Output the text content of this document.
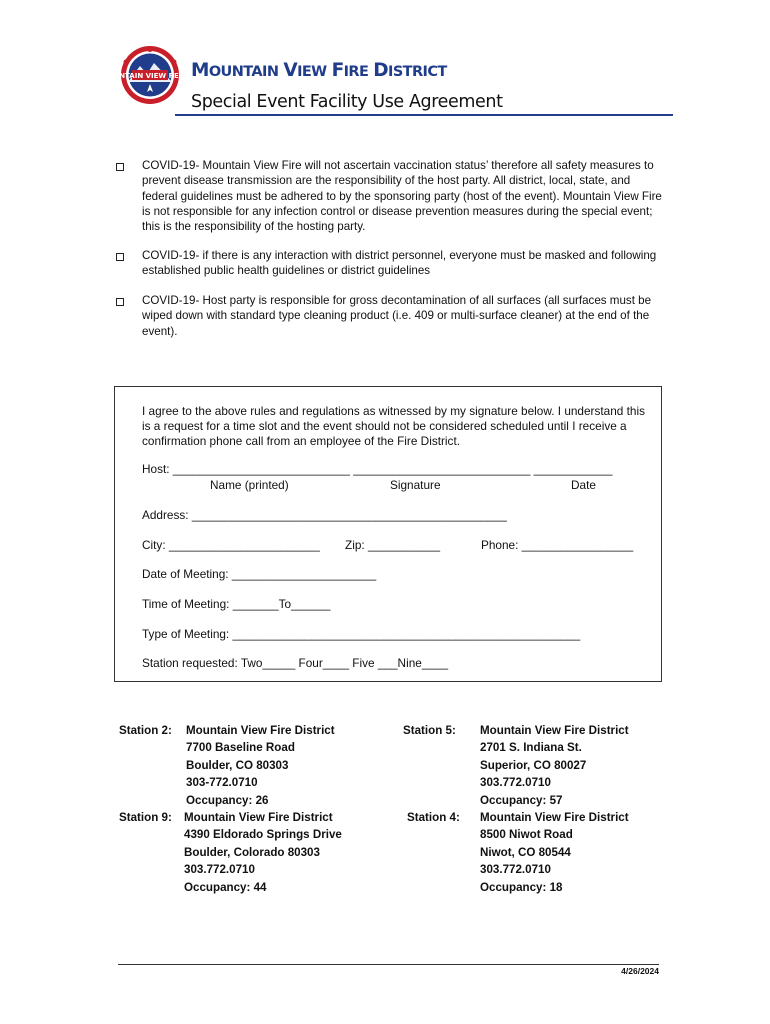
MOUNTAIN VIEW RESCUE
MOUNTAIN VIEW FIRE DISTRICT
Special Event Facility Use Agreement
COVID-19- Mountain View Fire will not ascertain vaccination status’ therefore all safety measures to prevent disease transmission are the responsibility of the host party. All district, local, state, and federal guidelines must be adhered to by the sponsoring party (host of the event). Mountain View Fire is not responsible for any infection control or disease prevention measures during the special event; this is the responsibility of the hosting party.
COVID-19- if there is any interaction with district personnel, everyone must be masked and following established public health guidelines or district guidelines
COVID-19- Host party is responsible for gross decontamination of all surfaces (all surfaces must be wiped down with standard type cleaning product (i.e. 409 or multi-surface cleaner) at the end of the event).
I agree to the above rules and regulations as witnessed by my signature below. I understand this is a request for a time slot and the event should not be considered scheduled until I receive a confirmation phone call from an employee of the Fire District.
Host: ___________________________ ___________________________ ____________
Name (printed)	Signature	Date
Address: ________________________________________________
City: _______________________ Zip: ___________	Phone: _________________
Date of Meeting: ______________________
Time of Meeting: _______To______
Type of Meeting: _____________________________________________________
Station requested: Two_____ Four____ Five ___Nine____
Station 2: Mountain View Fire District
7700 Baseline Road
Boulder, CO 80303
303-772.0710
Occupancy: 26
Station 5: Mountain View Fire District
2701 S. Indiana St.
Superior, CO 80027
303.772.0710
Occupancy: 57
Station 9: Mountain View Fire District
4390 Eldorado Springs Drive
Boulder, Colorado 80303
303.772.0710
Occupancy: 44
Station 4: Mountain View Fire District
8500 Niwot Road
Niwot, CO 80544
303.772.0710
Occupancy: 18
4/26/2024
